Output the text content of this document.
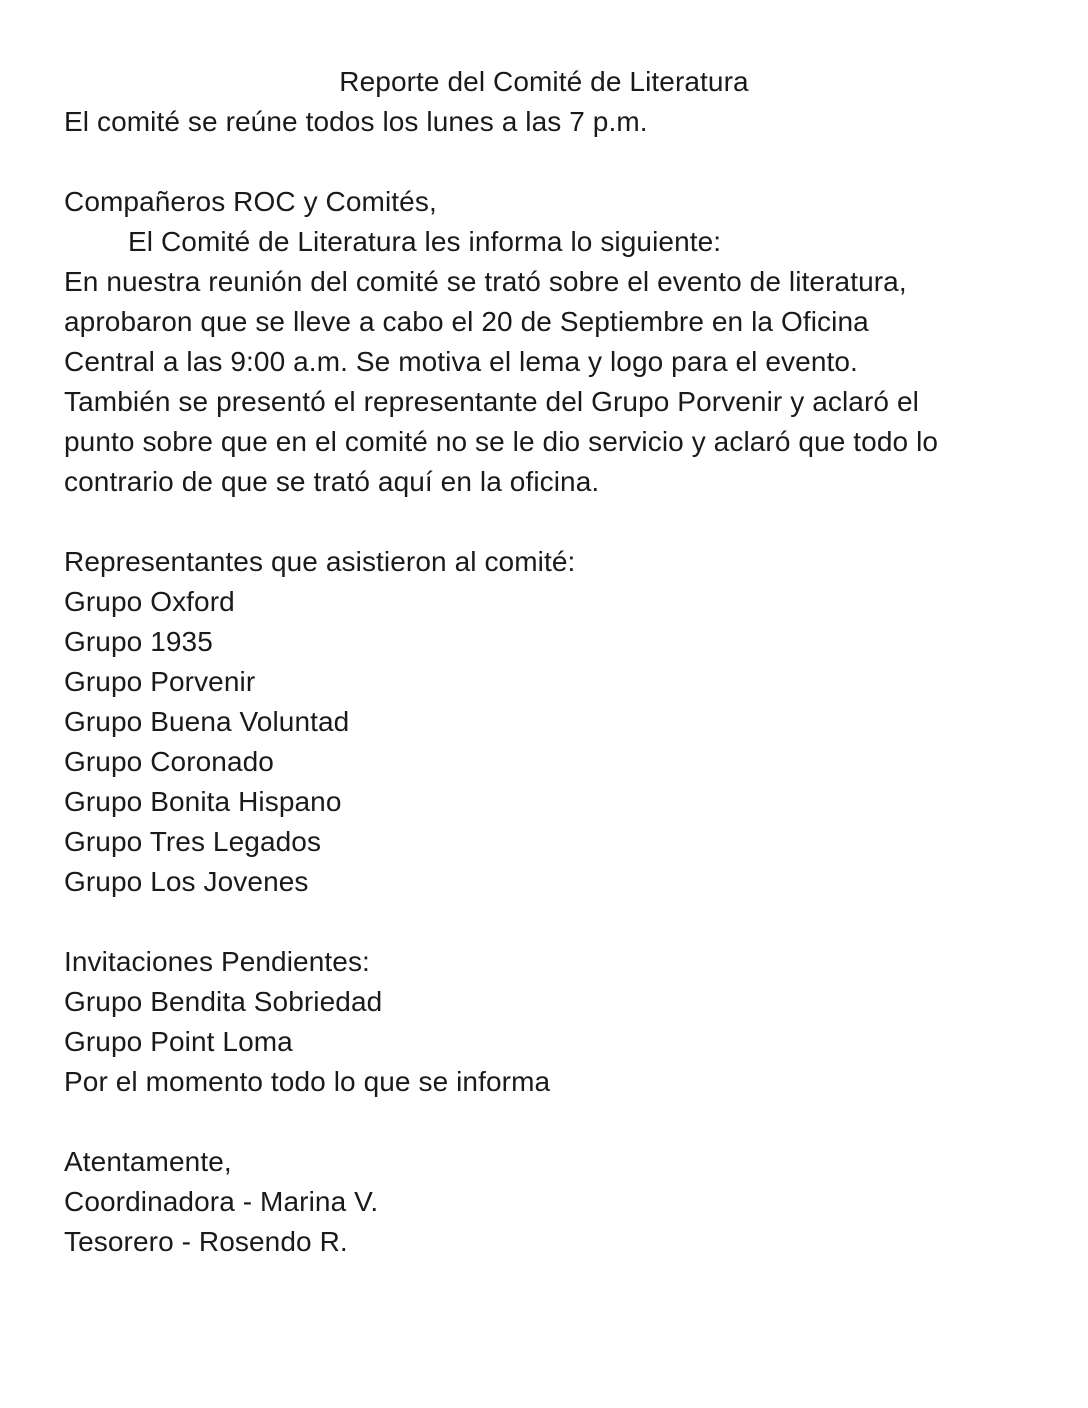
Reporte del Comité de Literatura
El comité se reúne todos los lunes a las 7 p.m.
Compañeros ROC y Comités,
El Comité de Literatura les informa lo siguiente:
En nuestra reunión del comité se trató sobre el evento de literatura,
aprobaron que se lleve a cabo el 20 de Septiembre en la Oficina
Central a las 9:00 a.m. Se motiva el lema y logo para el evento.
También se presentó el representante del Grupo Porvenir y aclaró el
punto sobre que en el comité no se le dio servicio y aclaró que todo lo
contrario de que se trató aquí en la oficina.
Representantes que asistieron al comité:
Grupo Oxford
Grupo 1935
Grupo Porvenir
Grupo Buena Voluntad
Grupo Coronado
Grupo Bonita Hispano
Grupo Tres Legados
Grupo Los Jovenes
Invitaciones Pendientes:
Grupo Bendita Sobriedad
Grupo Point Loma
Por el momento todo lo que se informa
Atentamente,
Coordinadora - Marina V.
Tesorero - Rosendo R.
